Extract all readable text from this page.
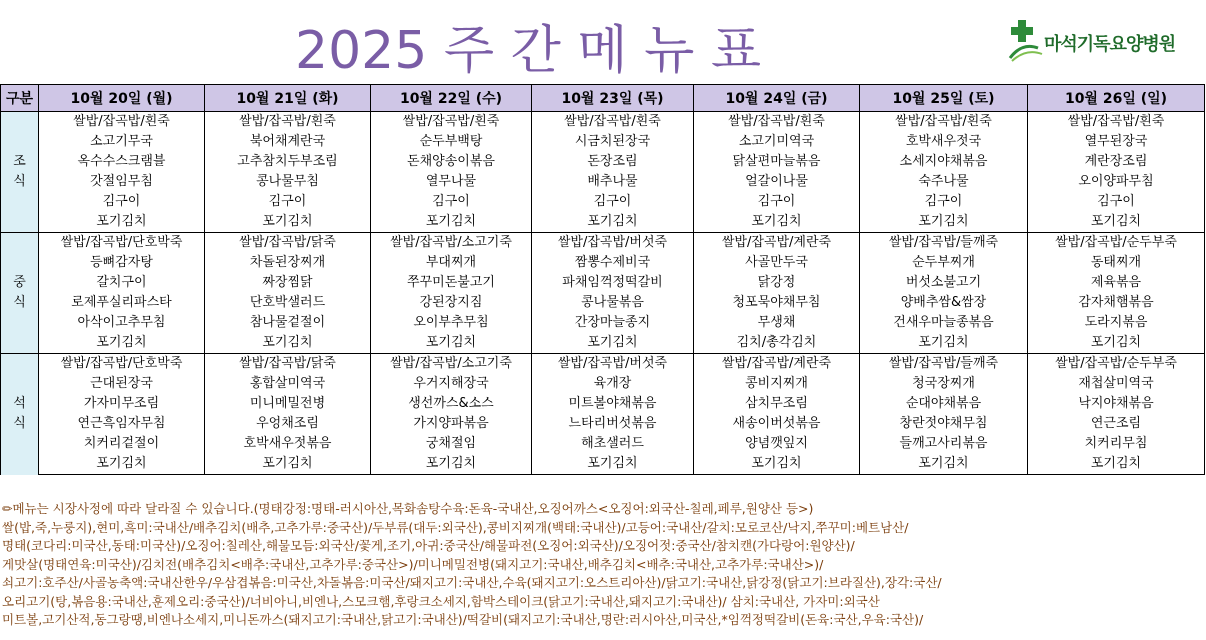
2025 주 간 메 뉴 표	마석기독요양병원
구분	10월 20일 (월)	10월 21일 (화)	10월 22일 (수)	10월 23일 (목)	10월 24일 (금)	10월 25일 (토)	10월 26일 (일)

조
식	쌀밥/잡곡밥/흰죽	쌀밥/잡곡밥/흰죽	쌀밥/잡곡밥/흰죽	쌀밥/잡곡밥/흰죽	쌀밥/잡곡밥/흰죽	쌀밥/잡곡밥/흰죽	쌀밥/잡곡밥/흰죽
	소고기무국	북어채계란국	순두부백탕	시금치된장국	소고기미역국	호박새우젓국	열무된장국
	옥수수스크램블	고추참치두부조림	돈채양송이볶음	돈장조림	닭살편마늘볶음	소세지야채볶음	계란장조림
	갓절임무침	콩나물무침	열무나물	배추나물	얼갈이나물	숙주나물	오이양파무침
	김구이	김구이	김구이	김구이	김구이	김구이	김구이
	포기김치	포기김치	포기김치	포기김치	포기김치	포기김치	포기김치

중
식	쌀밥/잡곡밥/단호박죽	쌀밥/잡곡밥/닭죽	쌀밥/잡곡밥/소고기죽	쌀밥/잡곡밥/버섯죽	쌀밥/잡곡밥/계란죽	쌀밥/잡곡밥/들깨죽	쌀밥/잡곡밥/순두부죽
	등뼈감자탕	차돌된장찌개	부대찌개	짬뽕수제비국	사골만두국	순두부찌개	동태찌개
	갈치구이	짜장찜닭	쭈꾸미돈불고기	파채임꺽정떡갈비	닭강정	버섯소불고기	제육볶음
	로제푸실리파스타	단호박샐러드	강된장지짐	콩나물볶음	청포묵야채무침	양배추쌈&쌈장	감자채햄볶음
	아삭이고추무침	참나물겉절이	오이부추무침	간장마늘종지	무생채	건새우마늘종볶음	도라지볶음
	포기김치	포기김치	포기김치	포기김치	김치/총각김치	포기김치	포기김치

석
식	쌀밥/잡곡밥/단호박죽	쌀밥/잡곡밥/닭죽	쌀밥/잡곡밥/소고기죽	쌀밥/잡곡밥/버섯죽	쌀밥/잡곡밥/계란죽	쌀밥/잡곡밥/들깨죽	쌀밥/잡곡밥/순두부죽
	근대된장국	홍합살미역국	우거지해장국	육개장	콩비지찌개	청국장찌개	재첩살미역국
	가자미무조림	미니메밀전병	생선까스&소스	미트볼야채볶음	삼치무조림	순대야채볶음	낙지야채볶음
	연근흑임자무침	우엉채조림	가지양파볶음	느타리버섯볶음	새송이버섯볶음	창란젓야채무침	연근조림
	치커리겉절이	호박새우젓볶음	궁채절임	해초샐러드	양념깻잎지	들깨고사리볶음	치커리무침
	포기김치	포기김치	포기김치	포기김치	포기김치	포기김치	포기김치
✏메뉴는 시장사정에 따라 달라질 수 있습니다.(명태강정:명태-러시아산,목화솜탕수육:돈육-국내산,오징어까스<오징어:외국산-칠레,페루,원양산 등>)
쌀(밥,죽,누룽지),현미,흑미:국내산/배추김치(배추,고추가루:중국산)/두부류(대두:외국산),콩비지찌개(백태:국내산)/고등어:국내산/갈치:모로코산/낙지,쭈꾸미:베트남산/
명태(코다리:미국산,동태:미국산)/오징어:칠레산,해물모듬:외국산/꽃게,조기,아귀:중국산/해물파전(오징어:외국산)/오징어젓:중국산/참치캔(가다랑어:원양산)/
게맛살(명태연육:미국산)/김치전(배추김치<배추:국내산,고추가루:중국산>)/미니메밀전병(돼지고기:국내산,배추김치<배추:국내산,고추가루:국내산>)/
쇠고기:호주산/사골농축액:국내산한우/우삼겹볶음:미국산,차돌볶음:미국산/돼지고기:국내산,수육(돼지고기:오스트리아산)/닭고기:국내산,닭강정(닭고기:브라질산),장각:국산/
오리고기(탕,볶음용:국내산,훈제오리:중국산)/너비아니,비엔나,스모크햄,후랑크소세지,함박스테이크(닭고기:국내산,돼지고기:국내산)/ 삼치:국내산, 가자미:외국산
미트볼,고기산적,동그랑땡,비엔나소세지,미니돈까스(돼지고기:국내산,닭고기:국내산)/떡갈비(돼지고기:국내산,명란:러시아산,미국산,*임꺽정떡갈비(돈육:국산,우육:국산)/
